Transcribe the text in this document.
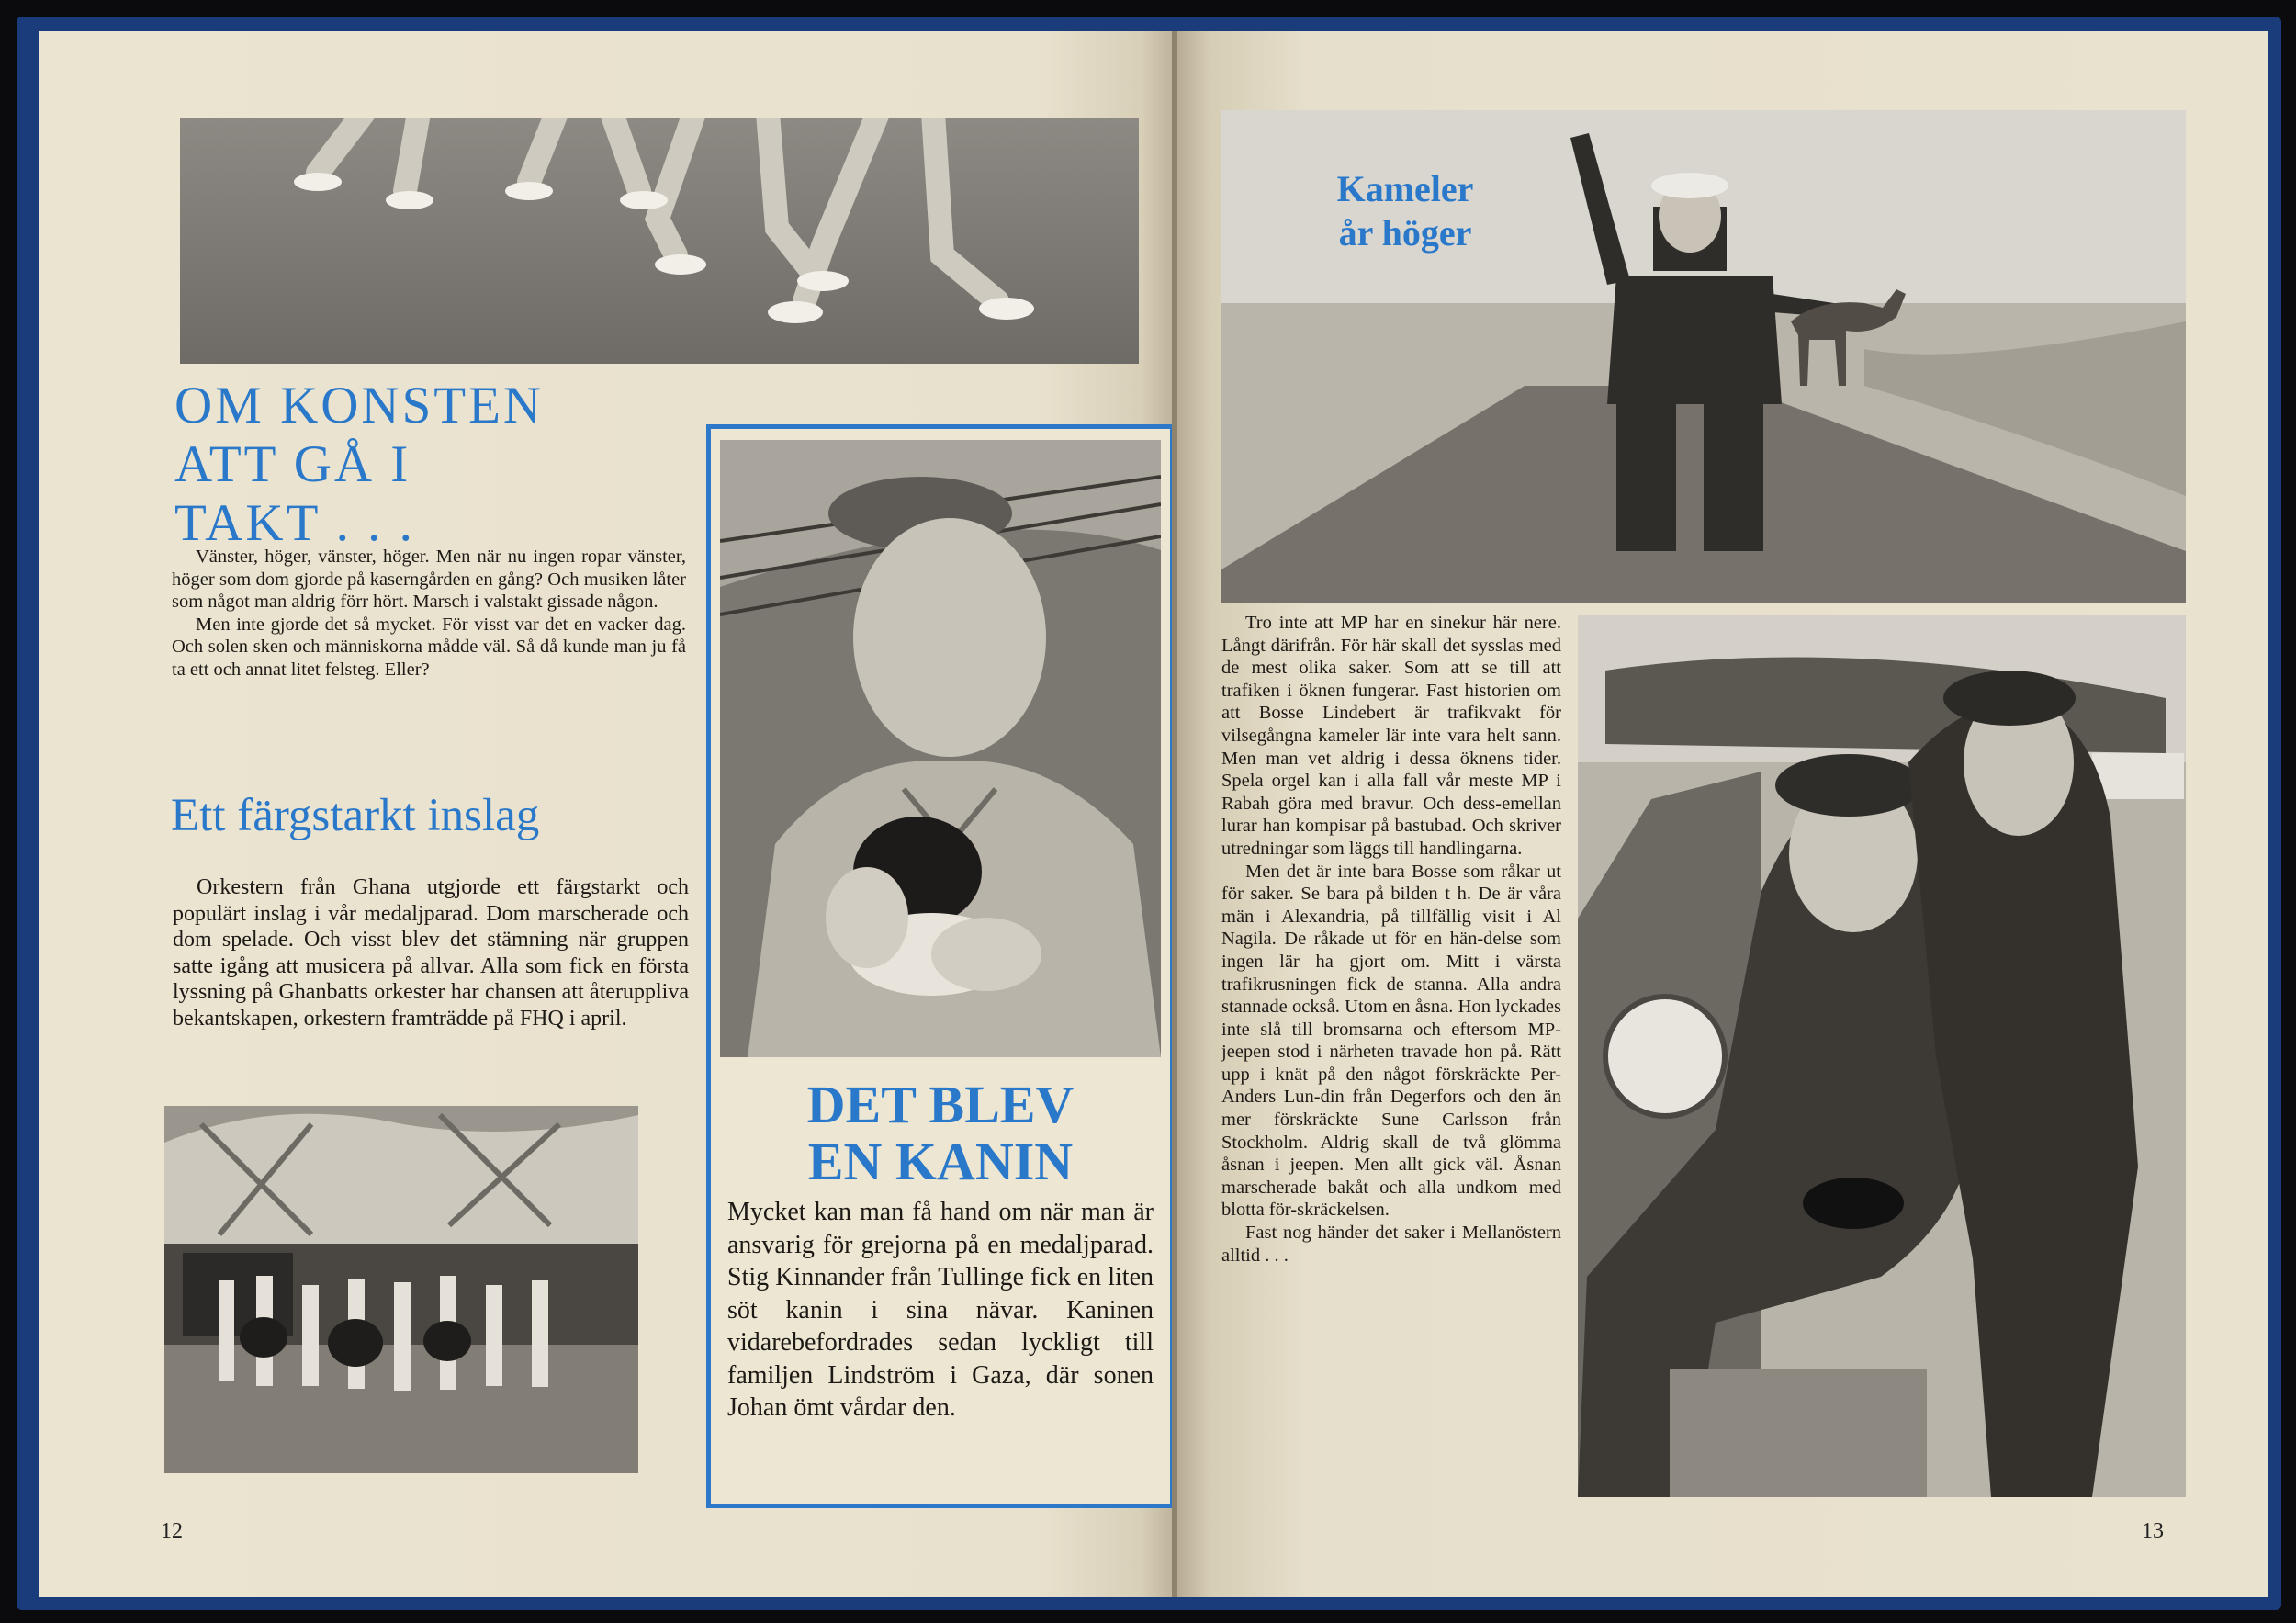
OM KONSTEN
ATT GÅ I
TAKT . . .

Vänster, höger, vänster, höger. Men när nu ingen ropar vänster, höger som dom gjorde på kaserngården en gång? Och musiken låter som något man aldrig förr hört. Marsch i valstakt gissade någon.

Men inte gjorde det så mycket. För visst var det en vacker dag. Och solen sken och människorna mådde väl. Så då kunde man ju få ta ett och annat litet felsteg. Eller?

Ett färgstarkt inslag

Orkestern från Ghana utgjorde ett färgstarkt och populärt inslag i vår medaljparad. Dom marscherade och dom spelade. Och visst blev det stämning när gruppen satte igång att musicera på allvar. Alla som fick en första lyssning på Ghanbatts orkester har chansen att återuppliva bekantskapen, orkestern framträdde på FHQ i april.

12
DET BLEV
EN KANIN

Mycket kan man få hand om när man är ansvarig för grejorna på en medaljparad. Stig Kinnander från Tullinge fick en liten söt kanin i sina nävar. Kaninen vidarebefordrades sedan lyckligt till familjen Lindström i Gaza, där sonen Johan ömt vårdar den.

Kameler
år höger

Tro inte att MP har en sinekur här nere. Långt därifrån. För här skall det sysslas med de mest olika saker. Som att se till att trafiken i öknen fungerar. Fast historien om att Bosse Lindebert är trafikvakt för vilsegångna kameler lär inte vara helt sann. Men man vet aldrig i dessa öknens tider. Spela orgel kan i alla fall vår meste MP i Rabah göra med bravur. Och dess-emellan lurar han kompisar på bastubad. Och skriver utredningar som läggs till handlingarna.

Men det är inte bara Bosse som råkar ut för saker. Se bara på bilden t h. De är våra män i Alexandria, på tillfällig visit i Al Nagila. De råkade ut för en hän-delse som ingen lär ha gjort om. Mitt i värsta trafikrusningen fick de stanna. Alla andra stannade också. Utom en åsna. Hon lyckades inte slå till bromsarna och eftersom MP-jeepen stod i närheten travade hon på. Rätt upp i knät på den något förskräckte Per-Anders Lun-din från Degerfors och den än mer förskräckte Sune Carlsson från Stockholm. Aldrig skall de två glömma åsnan i jeepen. Men allt gick väl. Åsnan marscherade bakåt och alla undkom med blotta för-skräckelsen.

Fast nog händer det saker i Mellanöstern alltid . . .

13
